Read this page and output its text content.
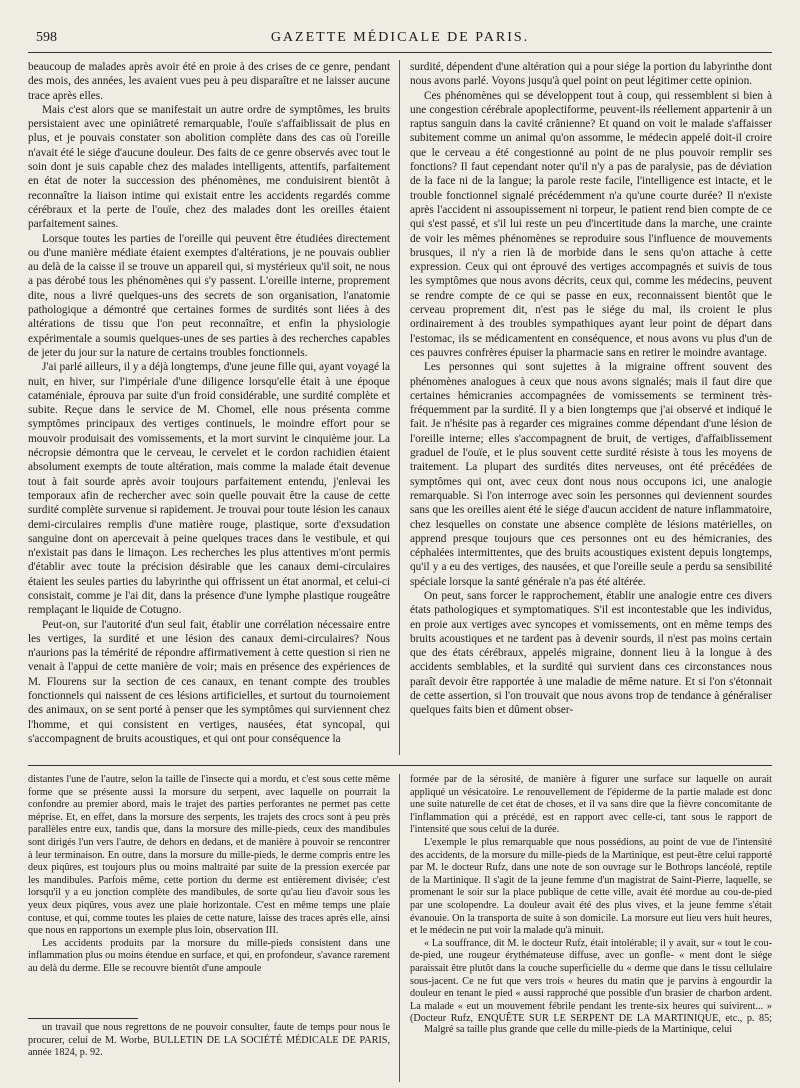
598	GAZETTE MÉDICALE DE PARIS.

beaucoup de malades après avoir été en proie à des crises de ce genre, pendant des mois, des années, les avaient vues peu à peu disparaître et ne laisser aucune trace après elles.

Mais c'est alors que se manifestait un autre ordre de symptômes, les bruits persistaient avec une opiniâtreté remarquable, l'ouïe s'affaiblissait de plus en plus, et je pouvais constater son abolition complète dans des cas où l'oreille n'avait été le siége d'aucune douleur. Des faits de ce genre observés avec tout le soin dont je suis capable chez des malades intelligents, attentifs, parfaitement en état de noter la succession des phénomènes, me conduisirent bientôt à reconnaître la liaison intime qui existait entre les accidents regardés comme cérébraux et la perte de l'ouïe, chez des malades dont les oreilles étaient parfaitement saines.

Lorsque toutes les parties de l'oreille qui peuvent être étudiées directement ou d'une manière médiate étaient exemptes d'altérations, je ne pouvais oublier au delà de la caisse il se trouve un appareil qui, si mystérieux qu'il soit, ne nous a pas dérobé tous les phénomènes qui s'y passent. L'oreille interne, proprement dite, nous a livré quelques-uns des secrets de son organisation, l'anatomie pathologique a démontré que certaines formes de surdités sont liées à des altérations de tissu que l'on peut reconnaître, et enfin la physiologie expérimentale a soumis quelques-unes de ses parties à des recherches capables de jeter du jour sur la nature de certains troubles fonctionnels.

J'ai parlé ailleurs, il y a déjà longtemps, d'une jeune fille qui, ayant voyagé la nuit, en hiver, sur l'impériale d'une diligence lorsqu'elle était à une époque cataméniale, éprouva par suite d'un froid considérable, une surdité complète et subite. Reçue dans le service de M. Chomel, elle nous présenta comme symptômes principaux des vertiges continuels, le moindre effort pour se mouvoir produisait des vomissements, et la mort survint le cinquième jour. La nécropsie démontra que le cerveau, le cervelet et le cordon rachidien étaient absolument exempts de toute altération, mais comme la malade était devenue tout à fait sourde après avoir toujours parfaitement entendu, j'enlevai les temporaux afin de rechercher avec soin quelle pouvait être la cause de cette surdité complète survenue si rapidement. Je trouvai pour toute lésion les canaux demi-circulaires remplis d'une matière rouge, plastique, sorte d'exsudation sanguine dont on apercevait à peine quelques traces dans le vestibule, et qui n'existait pas dans le limaçon. Les recherches les plus attentives m'ont permis d'établir avec toute la précision désirable que les canaux demi-circulaires étaient les seules parties du labyrinthe qui offrissent un état anormal, et celui-ci consistait, comme je l'ai dit, dans la présence d'une lymphe plastique rougeâtre remplaçant le liquide de Cotugno.

Peut-on, sur l'autorité d'un seul fait, établir une corrélation nécessaire entre les vertiges, la surdité et une lésion des canaux demi-circulaires? Nous n'aurions pas la témérité de répondre affirmativement à cette question si rien ne venait à l'appui de cette manière de voir; mais en présence des expériences de M. Flourens sur la section de ces canaux, en tenant compte des troubles fonctionnels qui naissent de ces lésions artificielles, et surtout du tournoiement des animaux, on se sent porté à penser que les symptômes qui surviennent chez l'homme, et qui consistent en vertiges, nausées, état syncopal, qui s'accompagnent de bruits acoustiques, et qui ont pour conséquence la

surdité, dépendent d'une altération qui a pour siége la portion du labyrinthe dont nous avons parlé. Voyons jusqu'à quel point on peut légitimer cette opinion.

Ces phénomènes qui se développent tout à coup, qui ressemblent si bien à une congestion cérébrale apoplectiforme, peuvent-ils réellement appartenir à un raptus sanguin dans la cavité crânienne? Et quand on voit le malade s'affaisser subitement comme un animal qu'on assomme, le médecin appelé doit-il croire que le cerveau a été congestionné au point de ne plus pouvoir remplir ses fonctions? Il faut cependant noter qu'il n'y a pas de paralysie, pas de déviation de la face ni de la langue; la parole reste facile, l'intelligence est intacte, et le trouble fonctionnel signalé précédemment n'a qu'une courte durée? Il n'existe après l'accident ni assoupissement ni torpeur, le patient rend bien compte de ce qui s'est passé, et s'il lui reste un peu d'incertitude dans la marche, une crainte de voir les mêmes phénomènes se reproduire sous l'influence de mouvements brusques, il n'y a rien là de morbide dans le sens qu'on attache à cette expression. Ceux qui ont éprouvé des vertiges accompagnés et suivis de tous les symptômes que nous avons décrits, ceux qui, comme les médecins, peuvent se rendre compte de ce qui se passe en eux, reconnaissent bientôt que le cerveau proprement dit, n'est pas le siége du mal, ils croient le plus ordinairement à des troubles sympathiques ayant leur point de départ dans l'estomac, ils se médicamentent en conséquence, et nous avons vu plus d'un de ces pauvres confrères épuiser la pharmacie sans en retirer le moindre avantage.

Les personnes qui sont sujettes à la migraine offrent souvent des phénomènes analogues à ceux que nous avons signalés; mais il faut dire que certaines hémicranies accompagnées de vomissements se terminent très-fréquemment par la surdité. Il y a bien longtemps que j'ai observé et indiqué le fait. Je n'hésite pas à regarder ces migraines comme dépendant d'une lésion de l'oreille interne; elles s'accompagnent de bruit, de vertiges, d'affaiblissement graduel de l'ouïe, et le plus souvent cette surdité résiste à tous les moyens de traitement. La plupart des surdités dites nerveuses, ont été précédées de symptômes qui ont, avec ceux dont nous nous occupons ici, une analogie remarquable. Si l'on interroge avec soin les personnes qui deviennent sourdes sans que les oreilles aient été le siége d'aucun accident de nature inflammatoire, chez lesquelles on constate une absence complète de lésions matérielles, on apprend presque toujours que ces personnes ont eu des hémicranies, des céphalées intermittentes, que des bruits acoustiques existent depuis longtemps, qu'il y a eu des vertiges, des nausées, et que l'oreille seule a perdu sa sensibilité spéciale lorsque la santé générale n'a pas été altérée.

On peut, sans forcer le rapprochement, établir une analogie entre ces divers états pathologiques et symptomatiques. S'il est incontestable que les individus, en proie aux vertiges avec syncopes et vomissements, ont en même temps des bruits acoustiques et ne tardent pas à devenir sourds, il n'est pas moins certain que des états cérébraux, appelés migraine, donnent lieu à la longue à des accidents semblables, et la surdité qui survient dans ces circonstances nous paraît devoir être rapportée à une maladie de même nature. Et si l'on s'étonnait de cette assertion, si l'on trouvait que nous avons trop de tendance à généraliser quelques faits bien et dûment obser-

distantes l'une de l'autre, selon la taille de l'insecte qui a mordu, et c'est sous cette même forme que se présente aussi la morsure du serpent, avec laquelle on pourrait la confondre au premier abord, mais le trajet des parties perforantes ne permet pas cette méprise. Et, en effet, dans la morsure des serpents, les trajets des crocs sont à peu près parallèles entre eux, tandis que, dans la morsure des mille-pieds, ceux des mandibules sont dirigés l'un vers l'autre, de dehors en dedans, et de manière à pouvoir se rencontrer à leur terminaison. En outre, dans la morsure du mille-pieds, le derme compris entre les deux piqûres, est toujours plus ou moins maltraité par suite de la pression exercée par les mandibules. Parfois même, cette portion du derme est entièrement divisée; c'est lorsqu'il y a eu jonction complète des mandibules, de sorte qu'au lieu d'avoir sous les yeux deux piqûres, vous avez une plaie horizontale. C'est en même temps une plaie contuse, et qui, comme toutes les plaies de cette nature, laisse des traces après elle, ainsi que nous en rapportons un exemple plus loin, observation III.

Les accidents produits par la morsure du mille-pieds consistent dans une inflammation plus ou moins étendue en surface, et qui, en profondeur, s'avance rarement au delà du derme. Elle se recouvre bientôt d'une ampoule

formée par de la sérosité, de manière à figurer une surface sur laquelle on aurait appliqué un vésicatoire. Le renouvellement de l'épiderme de la partie malade est donc une suite naturelle de cet état de choses, et il va sans dire que la fièvre concomitante de l'inflammation qui a précédé, est en rapport avec celle-ci, tant sous le rapport de l'intensité que sous celui de la durée.

L'exemple le plus remarquable que nous possédions, au point de vue de l'intensité des accidents, de la morsure du mille-pieds de la Martinique, est peut-être celui rapporté par M. le docteur Rufz, dans une note de son ouvrage sur le Bothrops lancéolé, reptile de la Martinique. Il s'agit de la jeune femme d'un magistrat de Saint-Pierre, laquelle, se promenant le soir sur la place publique de cette ville, avait été mordue au cou-de-pied par une scolopendre. La douleur avait été des plus vives, et la jeune femme s'était évanouie. On la transporta de suite à son domicile. La morsure eut lieu vers huit heures, et le médecin ne put voir la malade qu'à minuit.

« La souffrance, dit M. le docteur Rufz, était intolérable; il y avait, sur « tout le cou-de-pied, une rougeur érythémateuse diffuse, avec un gonfle- « ment dont le siége paraissait être plutôt dans la couche superficielle du « derme que dans le tissu cellulaire sous-jacent. Ce ne fut que vers trois « heures du matin que je parvins à engourdir la douleur en tenant le pied « aussi rapproché que possible d'un brasier de charbon ardent. La malade « eut un mouvement fébrile pendant les trente-six heures qui suivirent... » (Docteur Rufz, ENQUÊTE SUR LE SERPENT DE LA MARTINIQUE, etc., p. 85;

Malgré sa taille plus grande que celle du mille-pieds de la Martinique, celui

un travail que nous regrettons de ne pouvoir consulter, faute de temps pour nous le procurer, celui de M. Worbe, BULLETIN DE LA SOCIÉTÉ MÉDICALE DE PARIS, année 1824, p. 92.
